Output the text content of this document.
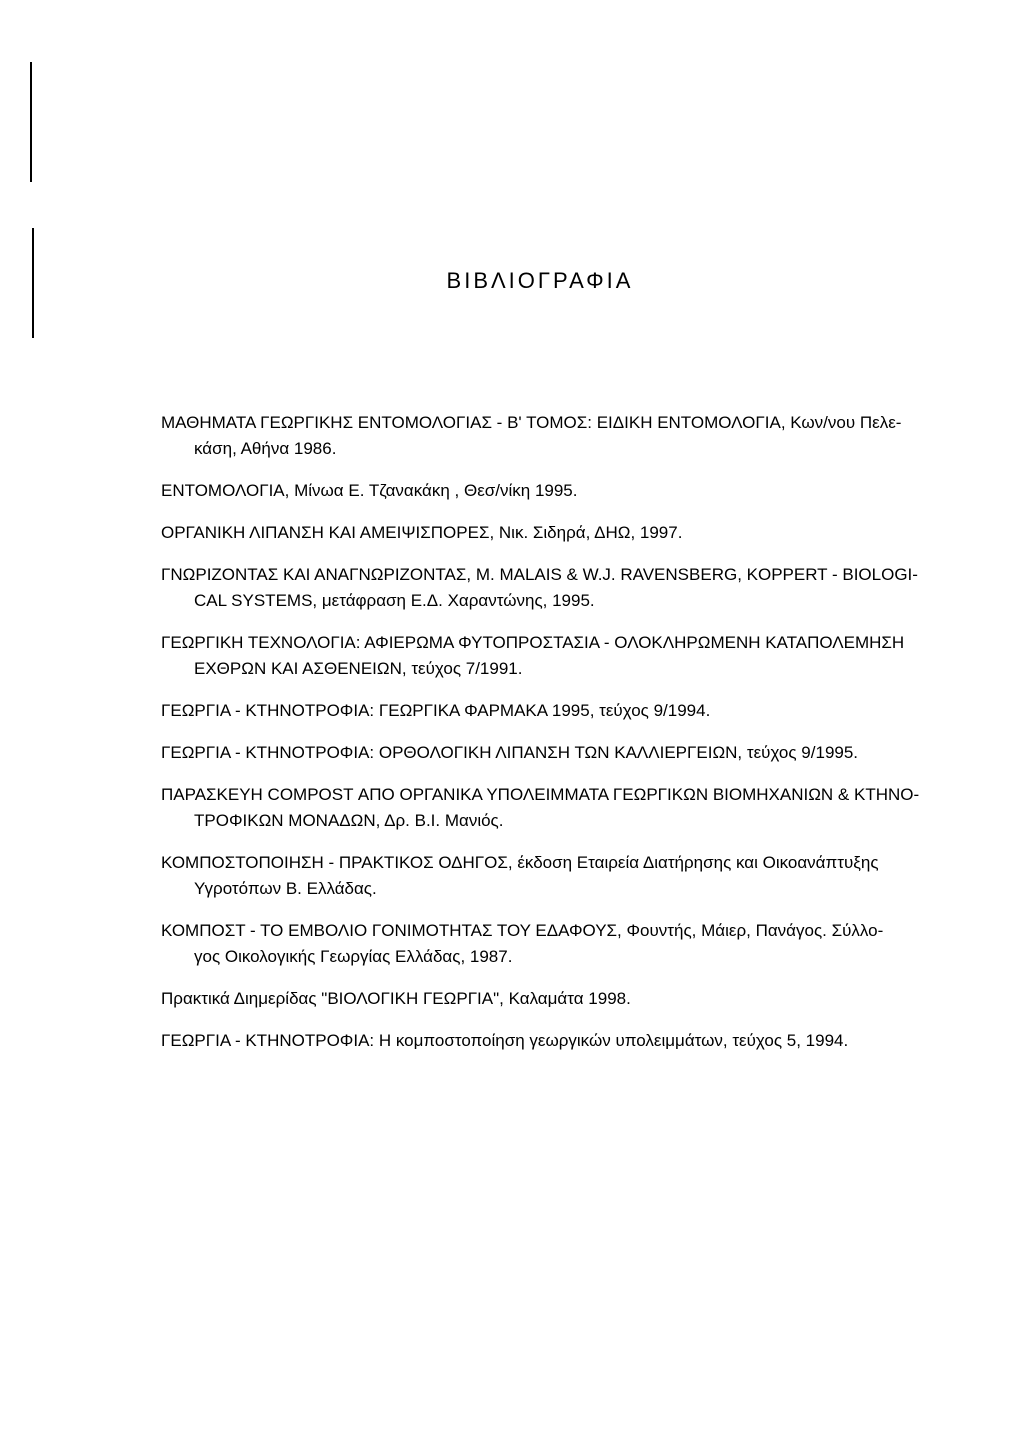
ΒΙΒΛΙΟΓΡΑΦΙΑ
ΜΑΘΗΜΑΤΑ ΓΕΩΡΓΙΚΗΣ ΕΝΤΟΜΟΛΟΓΙΑΣ - Β' ΤΟΜΟΣ: ΕΙΔΙΚΗ ΕΝΤΟΜΟΛΟΓΙΑ, Κων/νου Πελε-
κάση, Αθήνα 1986.
ΕΝΤΟΜΟΛΟΓΙΑ, Μίνωα Ε. Τζανακάκη , Θεσ/νίκη 1995.
ΟΡΓΑΝΙΚΗ ΛΙΠΑΝΣΗ ΚΑΙ ΑΜΕΙΨΙΣΠΟΡΕΣ, Νικ. Σιδηρά, ΔΗΩ, 1997.
ΓΝΩΡΙΖΟΝΤΑΣ ΚΑΙ ΑΝΑΓΝΩΡΙΖΟΝΤΑΣ, Μ. MALAIS & W.J. RAVENSBERG, KOPPERT - BIOLOGI-
CAL SYSTEMS, μετάφραση Ε.Δ. Χαραντώνης, 1995.
ΓΕΩΡΓΙΚΗ ΤΕΧΝΟΛΟΓΙΑ: ΑΦΙΕΡΩΜΑ ΦΥΤΟΠΡΟΣΤΑΣΙΑ - ΟΛΟΚΛΗΡΩΜΕΝΗ ΚΑΤΑΠΟΛΕΜΗΣΗ
ΕΧΘΡΩΝ ΚΑΙ ΑΣΘΕΝΕΙΩΝ, τεύχος 7/1991.
ΓΕΩΡΓΙΑ - ΚΤΗΝΟΤΡΟΦΙΑ: ΓΕΩΡΓΙΚΑ ΦΑΡΜΑΚΑ 1995, τεύχος 9/1994.
ΓΕΩΡΓΙΑ - ΚΤΗΝΟΤΡΟΦΙΑ: ΟΡΘΟΛΟΓΙΚΗ ΛΙΠΑΝΣΗ ΤΩΝ ΚΑΛΛΙΕΡΓΕΙΩΝ, τεύχος 9/1995.
ΠΑΡΑΣΚΕΥΗ COMPOST ΑΠΟ ΟΡΓΑΝΙΚΑ ΥΠΟΛΕΙΜΜΑΤΑ ΓΕΩΡΓΙΚΩΝ ΒΙΟΜΗΧΑΝΙΩΝ & ΚΤΗΝΟ-
ΤΡΟΦΙΚΩΝ ΜΟΝΑΔΩΝ, Δρ. Β.Ι. Μανιός.
ΚΟΜΠΟΣΤΟΠΟΙΗΣΗ - ΠΡΑΚΤΙΚΟΣ ΟΔΗΓΟΣ, έκδοση Εταιρεία Διατήρησης και Οικοανάπτυξης
Υγροτόπων Β. Ελλάδας.
ΚΟΜΠΟΣΤ - ΤΟ ΕΜΒΟΛΙΟ ΓΟΝΙΜΟΤΗΤΑΣ ΤΟΥ ΕΔΑΦΟΥΣ, Φουντής, Μάιερ, Πανάγος. Σύλλο-
γος Οικολογικής Γεωργίας Ελλάδας, 1987.
Πρακτικά Διημερίδας "ΒΙΟΛΟΓΙΚΗ ΓΕΩΡΓΙΑ", Καλαμάτα 1998.
ΓΕΩΡΓΙΑ - ΚΤΗΝΟΤΡΟΦΙΑ: Η κομποστοποίηση γεωργικών υπολειμμάτων, τεύχος 5, 1994.
